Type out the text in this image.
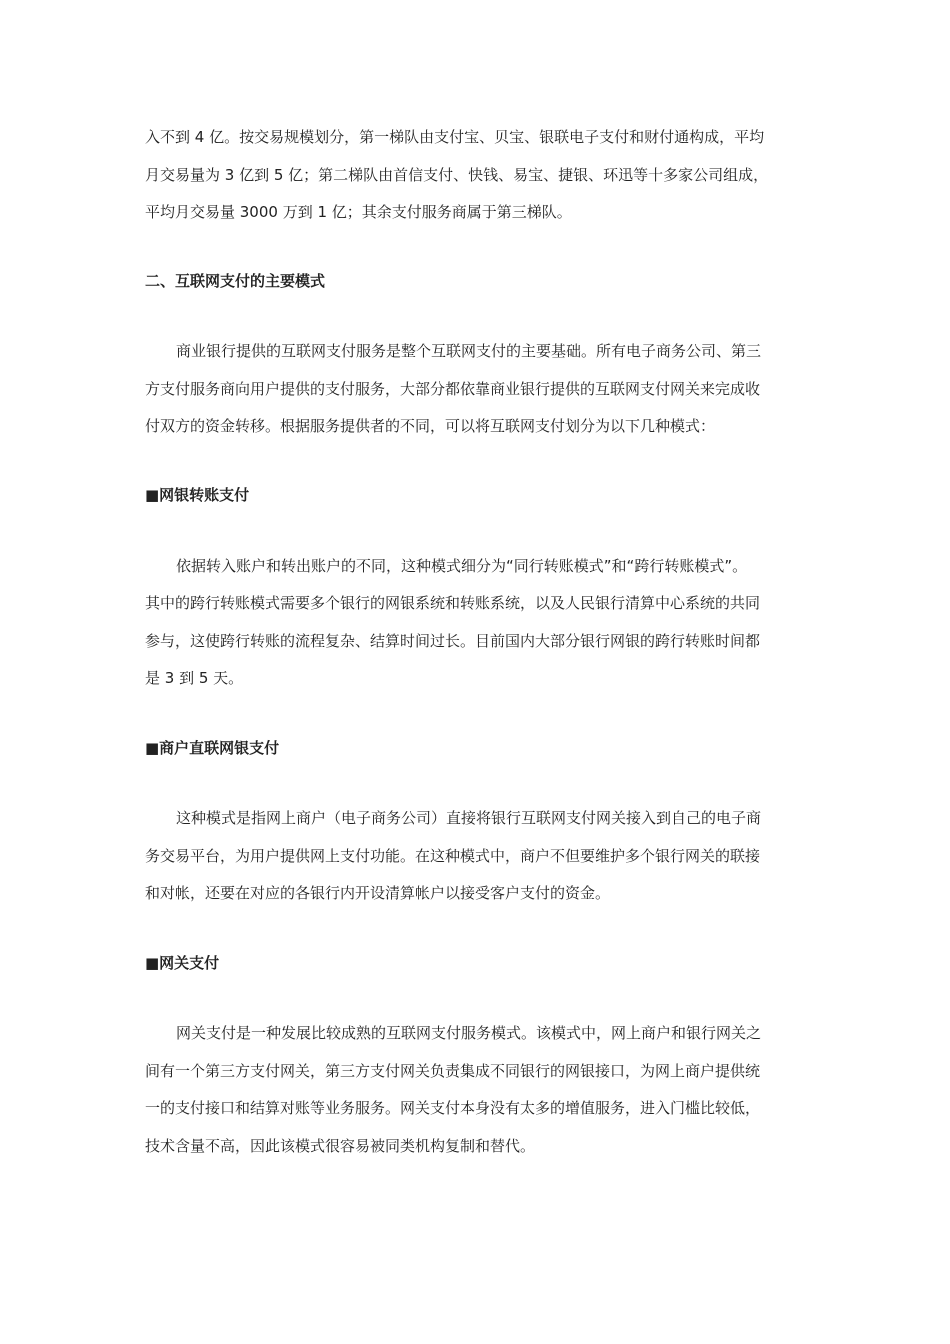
入不到 4 亿。按交易规模划分，第一梯队由支付宝、贝宝、银联电子支付和财付通构成，平均
月交易量为 3 亿到 5 亿；第二梯队由首信支付、快钱、易宝、捷银、环迅等十多家公司组成，
平均月交易量 3000 万到 1 亿；其余支付服务商属于第三梯队。
二、互联网支付的主要模式
商业银行提供的互联网支付服务是整个互联网支付的主要基础。所有电子商务公司、第三
方支付服务商向用户提供的支付服务，大部分都依靠商业银行提供的互联网支付网关来完成收
付双方的资金转移。根据服务提供者的不同，可以将互联网支付划分为以下几种模式：
■网银转账支付
依据转入账户和转出账户的不同，这种模式细分为“同行转账模式”和“跨行转账模式”。
其中的跨行转账模式需要多个银行的网银系统和转账系统，以及人民银行清算中心系统的共同
参与，这使跨行转账的流程复杂、结算时间过长。目前国内大部分银行网银的跨行转账时间都
是 3 到 5 天。
■商户直联网银支付
这种模式是指网上商户（电子商务公司）直接将银行互联网支付网关接入到自己的电子商
务交易平台，为用户提供网上支付功能。在这种模式中，商户不但要维护多个银行网关的联接
和对帐，还要在对应的各银行内开设清算帐户以接受客户支付的资金。
■网关支付
网关支付是一种发展比较成熟的互联网支付服务模式。该模式中，网上商户和银行网关之
间有一个第三方支付网关，第三方支付网关负责集成不同银行的网银接口，为网上商户提供统
一的支付接口和结算对账等业务服务。网关支付本身没有太多的增值服务，进入门槛比较低，
技术含量不高，因此该模式很容易被同类机构复制和替代。
